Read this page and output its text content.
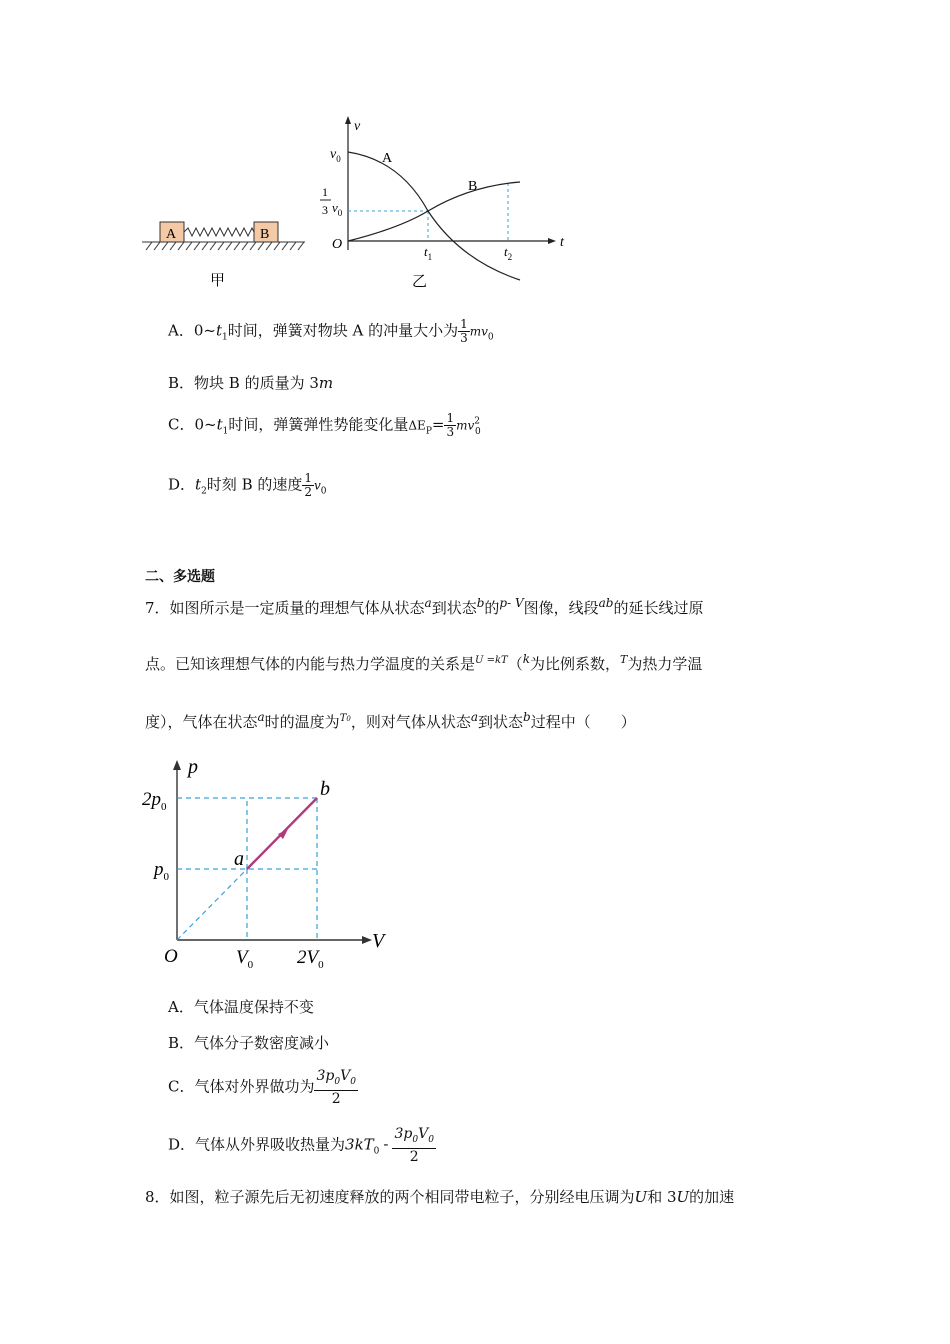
A	B
甲
v
t
O
$v_0$
1
3 $v_0$
A
B
$t_1$	$t_2$
乙
A．$0\sim t_1$时间，弹簧对物块 A 的冲量大小为 $\frac{1}{3} mv_0$
B．物块 B 的质量为 3m
C．$0\sim t_1$时间，弹簧弹性势能变化量$\Delta E_P= \frac{1}{3} mv^2_0$
D．$t_2$时刻 B 的速度 $\frac{1}{2} v_0$
二、多选题
7．如图所示是一定质量的理想气体从状态$^a$到状态$^b$的$^{p- V}$图像，线段$^{ab}$的延长线过原
点。已知该理想气体的内能与热力学温度的关系是$^{U =kT}$（$^k$为比例系数，$^T$为热力学温
度），气体在状态$^a$时的温度为$^{T0}$，则对气体从状态$^a$到状态$^b$过程中（　　）
p
V
O
$2p_0$
$p_0$
$V_0$ $2V_0$
a
b
A．气体温度保持不变
B．气体分子数密度减小
C．气体对外界做功为 $\frac{3p_0V_0}{2}$
D．气体从外界吸收热量为$3kT_0 - \frac{3p_0V_0}{2}$
8．如图，粒子源先后无初速度释放的两个相同带电粒子，分别经电压调为U和 3U的加速
